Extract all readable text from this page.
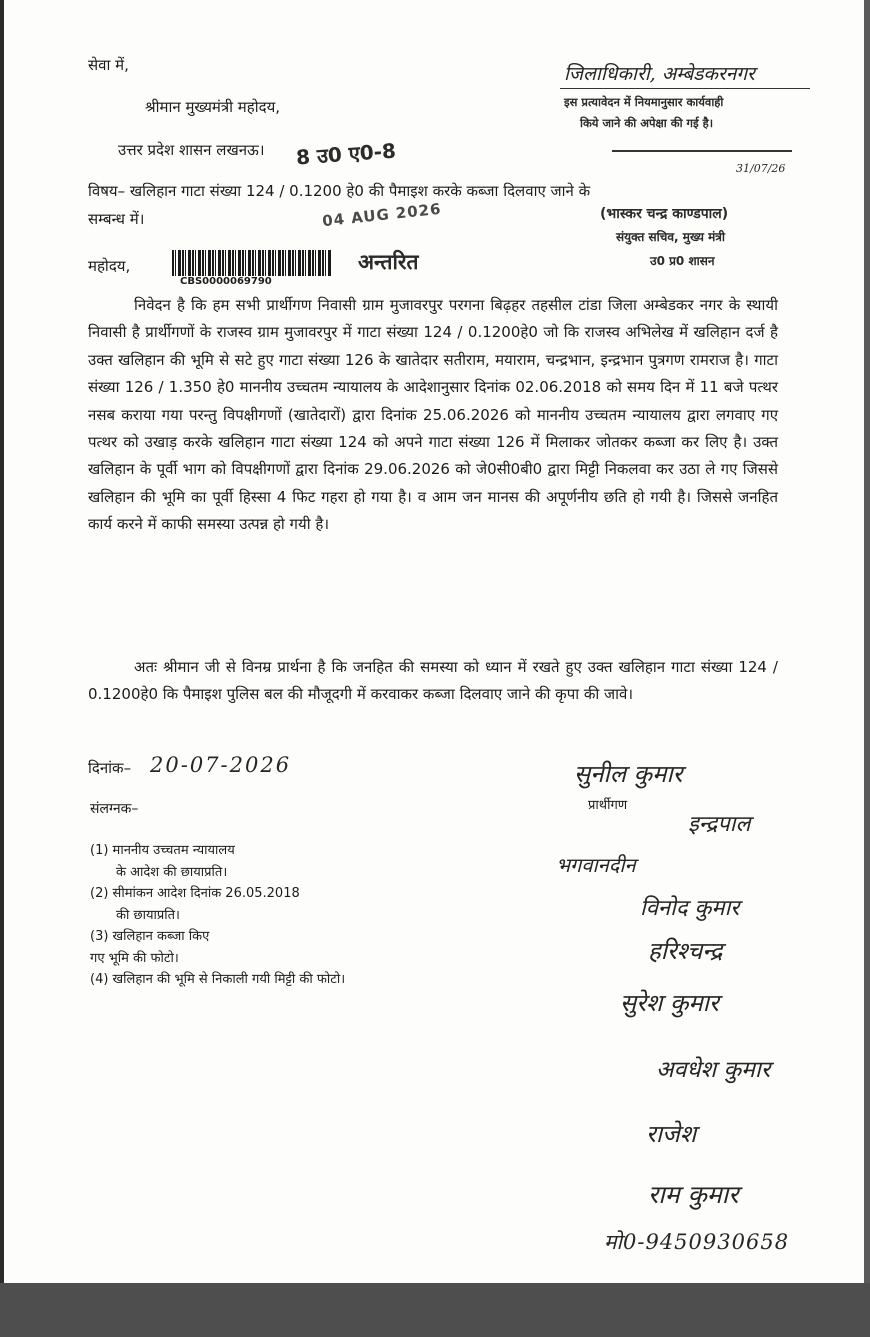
सेवा में,
श्रीमान मुख्यमंत्री महोदय,
उत्तर प्रदेश शासन लखनऊ।
विषय– खलिहान गाटा संख्या 124 / 0.1200 हे0 की पैमाइश करके कब्जा दिलवाए जाने के
सम्बन्ध में।
महोदय,
CBS0000069790
8 उ0 ए0-8
04 AUG 2026
अन्तरित
जिलाधिकारी, अम्बेडकरनगर
इस प्रत्यावेदन में नियमानुसार कार्यवाही
किये जाने की अपेक्षा की गई है।
31/07/26
(भास्कर चन्द्र काण्डपाल)
संयुक्त सचिव, मुख्य मंत्री
उ0 प्र0 शासन
निवेदन है कि हम सभी प्रार्थीगण निवासी ग्राम मुजावरपुर परगना बिढ़हर तहसील टांडा जिला अम्बेडकर नगर के स्थायी निवासी है प्रार्थीगणों के राजस्व ग्राम मुजावरपुर में गाटा संख्या 124 / 0.1200हे0 जो कि राजस्व अभिलेख में खलिहान दर्ज है उक्त खलिहान की भूमि से सटे हुए गाटा संख्या 126 के खातेदार सतीराम, मयाराम, चन्द्रभान, इन्द्रभान पुत्रगण रामराज है। गाटा संख्या 126 / 1.350 हे0 माननीय उच्चतम न्यायालय के आदेशानुसार दिनांक 02.06.2018 को समय दिन में 11 बजे पत्थर नसब कराया गया परन्तु विपक्षीगणों (खातेदारों) द्वारा दिनांक 25.06.2026 को माननीय उच्चतम न्यायालय द्वारा लगवाए गए पत्थर को उखाड़ करके खलिहान गाटा संख्या 124 को अपने गाटा संख्या 126 में मिलाकर जोतकर कब्जा कर लिए है। उक्त खलिहान के पूर्वी भाग को विपक्षीगणों द्वारा दिनांक 29.06.2026 को जे0सी0बी0 द्वारा मिट्टी निकलवा कर उठा ले गए जिससे खलिहान की भूमि का पूर्वी हिस्सा 4 फिट गहरा हो गया है। व आम जन मानस की अपूर्णनीय छति हो गयी है। जिससे जनहित कार्य करने में काफी समस्या उत्पन्न हो गयी है।
अतः श्रीमान जी से विनम्र प्रार्थना है कि जनहित की समस्या को ध्यान में रखते हुए उक्त खलिहान गाटा संख्या 124 / 0.1200हे0 कि पैमाइश पुलिस बल की मौजूदगी में करवाकर कब्जा दिलवाए जाने की कृपा की जावे।
दिनांक– 20-07-2026
संलग्नक–
(1) माननीय उच्चतम न्यायालय
के आदेश की छायाप्रति।
(2) सीमांकन आदेश दिनांक 26.05.2018
की छायाप्रति।
(3) खलिहान कब्जा किए
गए भूमि की फोटो।
(4) खलिहान की भूमि से निकाली गयी मिट्टी की फोटो।
सुनील कुमार
प्रार्थीगण
इन्द्रपाल
भगवानदीन
विनोद कुमार
हरिश्चन्द्र
सुरेश कुमार
अवधेश कुमार
राजेश
राम कुमार
मो0-9450930658
